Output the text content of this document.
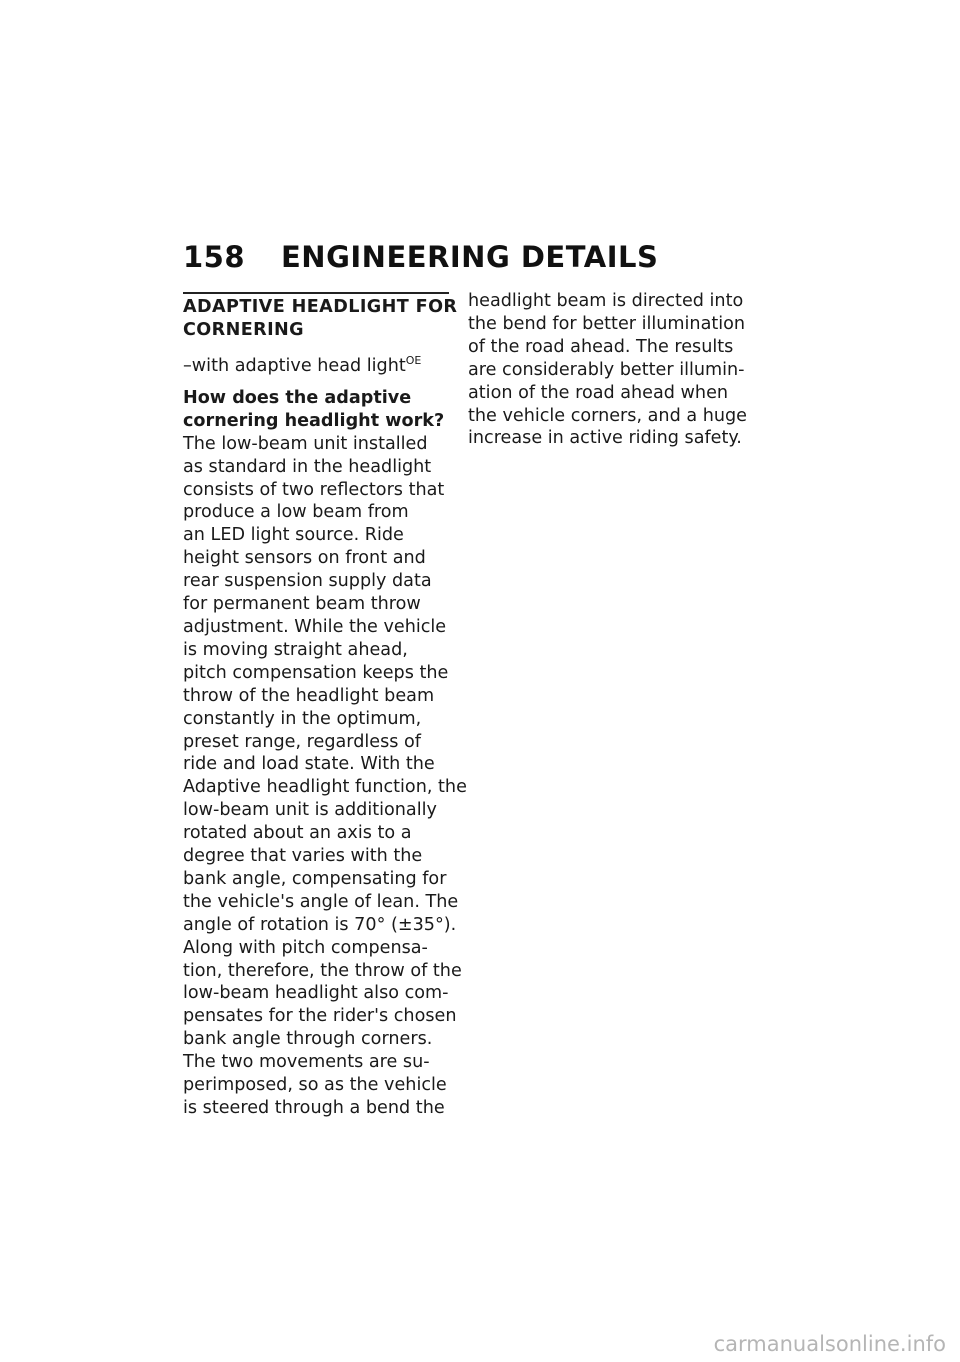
158 ENGINEERING DETAILS
ADAPTIVE HEADLIGHT FOR
CORNERING
–with adaptive head light$^{OE}$
How does the adaptive
cornering headlight work?
The low-beam unit installed
as standard in the headlight
consists of two reflectors that
produce a low beam from
an LED light source. Ride
height sensors on front and
rear suspension supply data
for permanent beam throw
adjustment. While the vehicle
is moving straight ahead,
pitch compensation keeps the
throw of the headlight beam
constantly in the optimum,
preset range, regardless of
ride and load state. With the
Adaptive headlight function, the
low-beam unit is additionally
rotated about an axis to a
degree that varies with the
bank angle, compensating for
the vehicle's angle of lean. The
angle of rotation is 70° (±35°).
Along with pitch compensa-
tion, therefore, the throw of the
low-beam headlight also com-
pensates for the rider's chosen
bank angle through corners.
The two movements are su-
perimposed, so as the vehicle
is steered through a bend the
headlight beam is directed into
the bend for better illumination
of the road ahead. The results
are considerably better illumin-
ation of the road ahead when
the vehicle corners, and a huge
increase in active riding safety.
carmanualsonline.info
